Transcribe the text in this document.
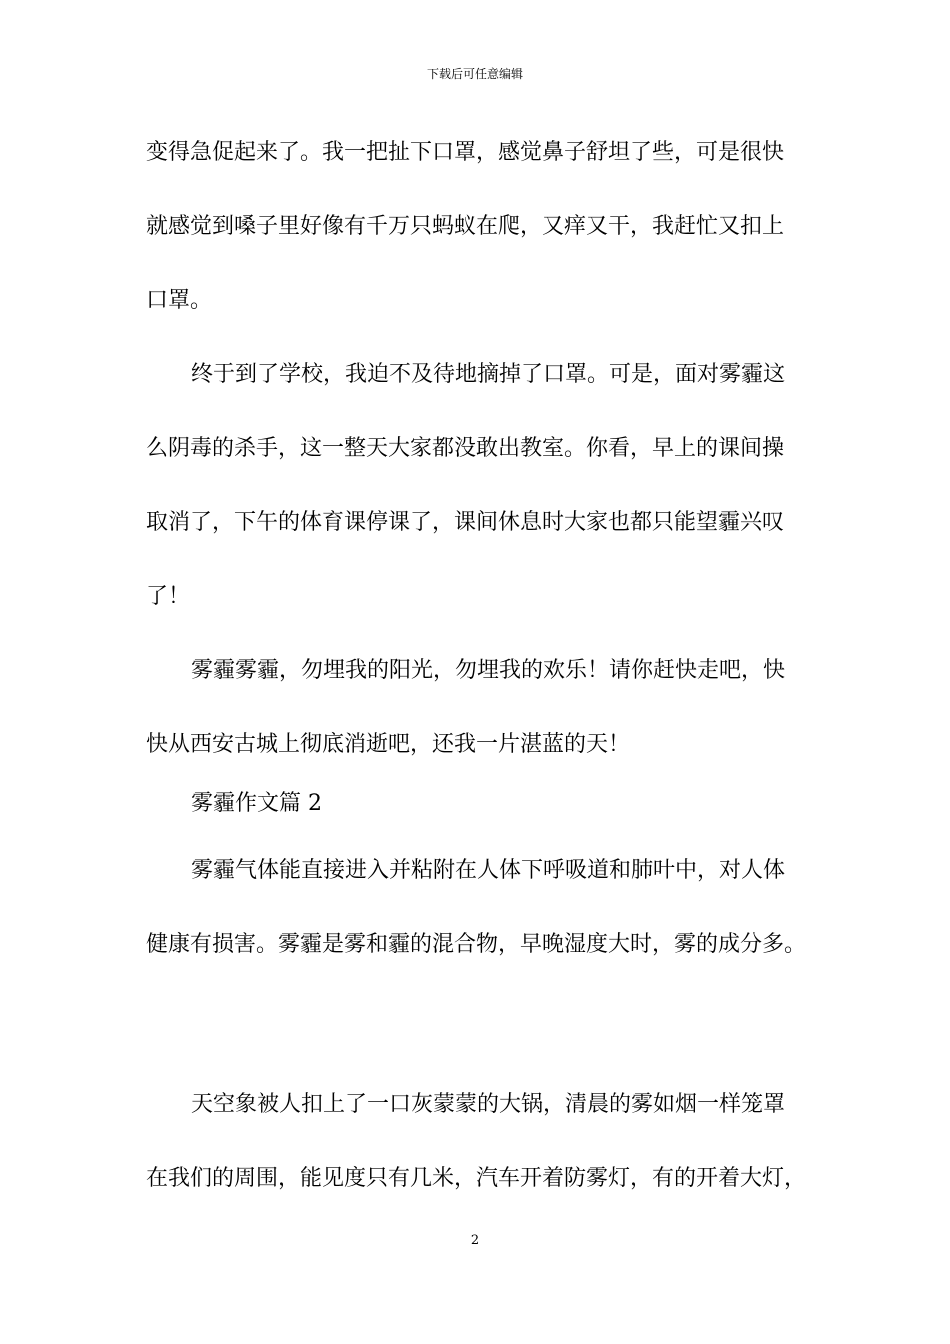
下载后可任意编辑
变得急促起来了。我一把扯下口罩，感觉鼻子舒坦了些，可是很快
就感觉到嗓子里好像有千万只蚂蚁在爬，又痒又干，我赶忙又扣上
口罩。
终于到了学校，我迫不及待地摘掉了口罩。可是，面对雾霾这
么阴毒的杀手，这一整天大家都没敢出教室。你看，早上的课间操
取消了，下午的体育课停课了，课间休息时大家也都只能望霾兴叹
了！
雾霾雾霾，勿埋我的阳光，勿埋我的欢乐！请你赶快走吧，快
快从西安古城上彻底消逝吧，还我一片湛蓝的天！
雾霾作文篇 2
雾霾气体能直接进入并粘附在人体下呼吸道和肺叶中，对人体
健康有损害。雾霾是雾和霾的混合物，早晚湿度大时，雾的成分多。
天空象被人扣上了一口灰蒙蒙的大锅，清晨的雾如烟一样笼罩
在我们的周围，能见度只有几米，汽车开着防雾灯，有的开着大灯，
2
